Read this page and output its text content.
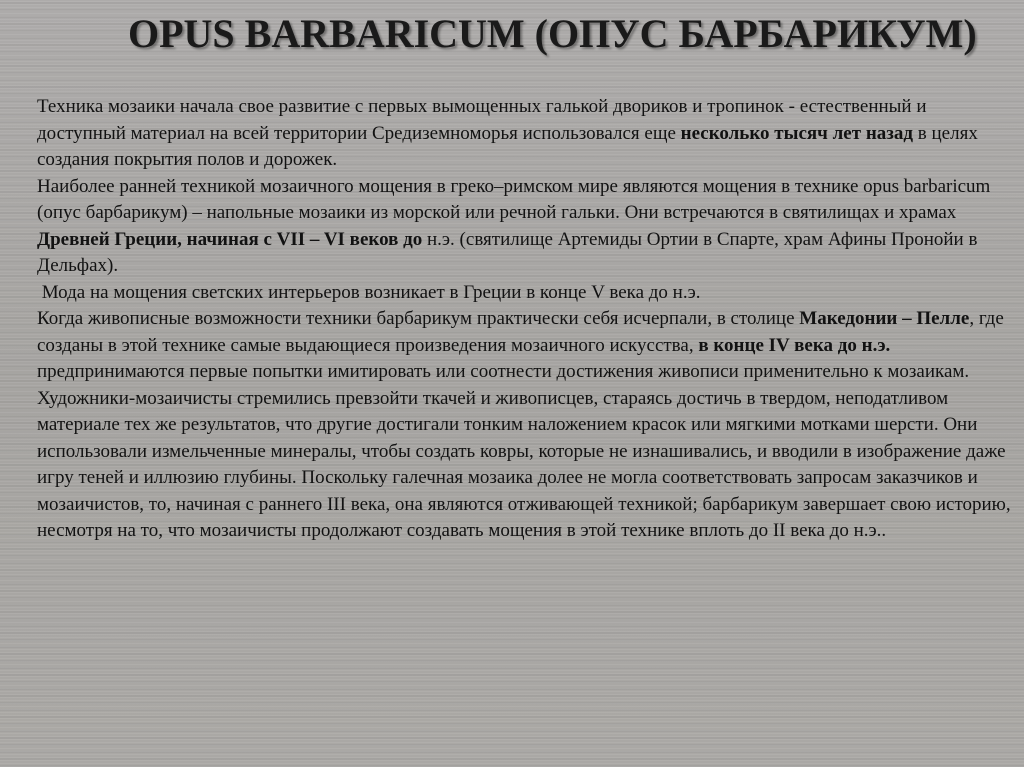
OPUS BARBARICUM (ОПУС БАРБАРИКУМ)

Техника мозаики начала свое развитие с первых вымощенных галькой двориков и тропинок - естественный и доступный материал на всей территории Средиземноморья использовался еще несколько тысяч лет назад в целях создания покрытия полов и дорожек.

Наиболее ранней техникой мозаичного мощения в греко–римском мире являются мощения в технике opus barbaricum (опус барбарикум) – напольные мозаики из морской или речной гальки. Они встречаются в святилищах и храмах Древней Греции, начиная с VII – VI веков до н.э. (святилище Артемиды Ортии в Спарте, храм Афины Пронойи в Дельфах).

Мода на мощения светских интерьеров возникает в Греции в конце V века до н.э.

Когда живописные возможности техники барбарикум практически себя исчерпали, в столице Македонии – Пелле, где созданы в этой технике самые выдающиеся произведения мозаичного искусства, в конце IV века до н.э. предпринимаются первые попытки имитировать или соотнести достижения живописи применительно к мозаикам. Художники-мозаичисты стремились превзойти ткачей и живописцев, стараясь достичь в твердом, неподатливом материале тех же результатов, что другие достигали тонким наложением красок или мягкими мотками шерсти. Они использовали измельченные минералы, чтобы создать ковры, которые не изнашивались, и вводили в изображение даже игру теней и иллюзию глубины. Поскольку галечная мозаика долее не могла соответствовать запросам заказчиков и мозаичистов, то, начиная с раннего III века, она являются отживающей техникой; барбарикум завершает свою историю, несмотря на то, что мозаичисты продолжают создавать мощения в этой технике вплоть до II века до н.э..
